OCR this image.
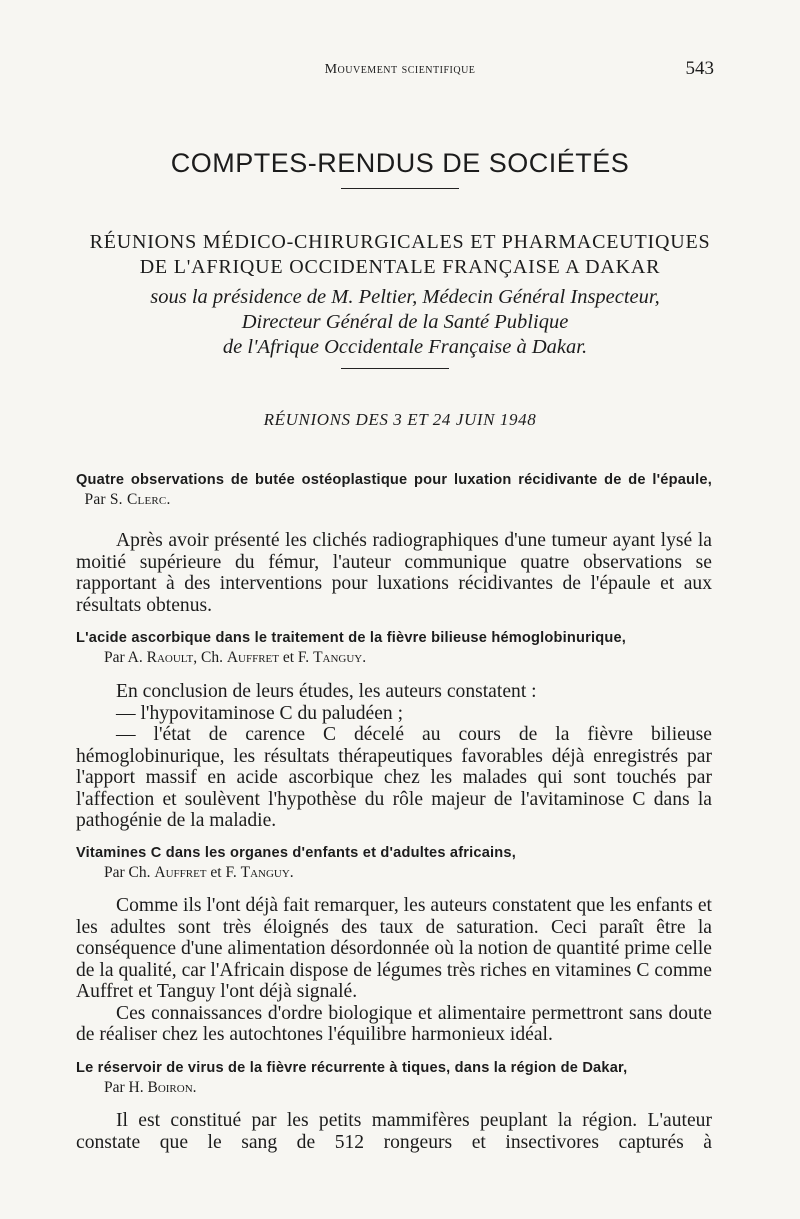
Mouvement scientifique	543
COMPTES-RENDUS DE SOCIÉTÉS
RÉUNIONS MÉDICO-CHIRURGICALES ET PHARMACEUTIQUES
DE L'AFRIQUE OCCIDENTALE FRANÇAISE A DAKAR
sous la présidence de M. Peltier, Médecin Général Inspecteur,
Directeur Général de la Santé Publique
de l'Afrique Occidentale Française à Dakar.
RÉUNIONS DES 3 ET 24 JUIN 1948
Quatre observations de butée ostéoplastique pour luxation récidivante de de l'épaule,   Par S. Clerc.

Après avoir présenté les clichés radiographiques d'une tumeur ayant lysé la moitié supérieure du fémur, l'auteur communique quatre observations se rapportant à des interventions pour luxations récidivantes de l'épaule et aux résultats obtenus.

L'acide ascorbique dans le traitement de la fièvre bilieuse hémoglobinurique,
Par A. Raoult, Ch. Auffret et F. Tanguy.

En conclusion de leurs études, les auteurs constatent :

— l'hypovitaminose C du paludéen ;

— l'état de carence C décelé au cours de la fièvre bilieuse hémoglobinurique, les résultats thérapeutiques favorables déjà enregistrés par l'apport massif en acide ascorbique chez les malades qui sont touchés par l'affection et soulèvent l'hypothèse du rôle majeur de l'avitaminose C dans la pathogénie de la maladie.

Vitamines C dans les organes d'enfants et d'adultes africains,
Par Ch. Auffret et F. Tanguy.

Comme ils l'ont déjà fait remarquer, les auteurs constatent que les enfants et les adultes sont très éloignés des taux de saturation. Ceci paraît être la conséquence d'une alimentation désordonnée où la notion de quantité prime celle de la qualité, car l'Africain dispose de légumes très riches en vitamines C comme Auffret et Tanguy l'ont déjà signalé.

Ces connaissances d'ordre biologique et alimentaire permettront sans doute de réaliser chez les autochtones l'équilibre harmonieux idéal.

Le réservoir de virus de la fièvre récurrente à tiques, dans la région de Dakar,
Par H. Boiron.

Il est constitué par les petits mammifères peuplant la région. L'auteur constate que le sang de 512 rongeurs et insectivores capturés à
